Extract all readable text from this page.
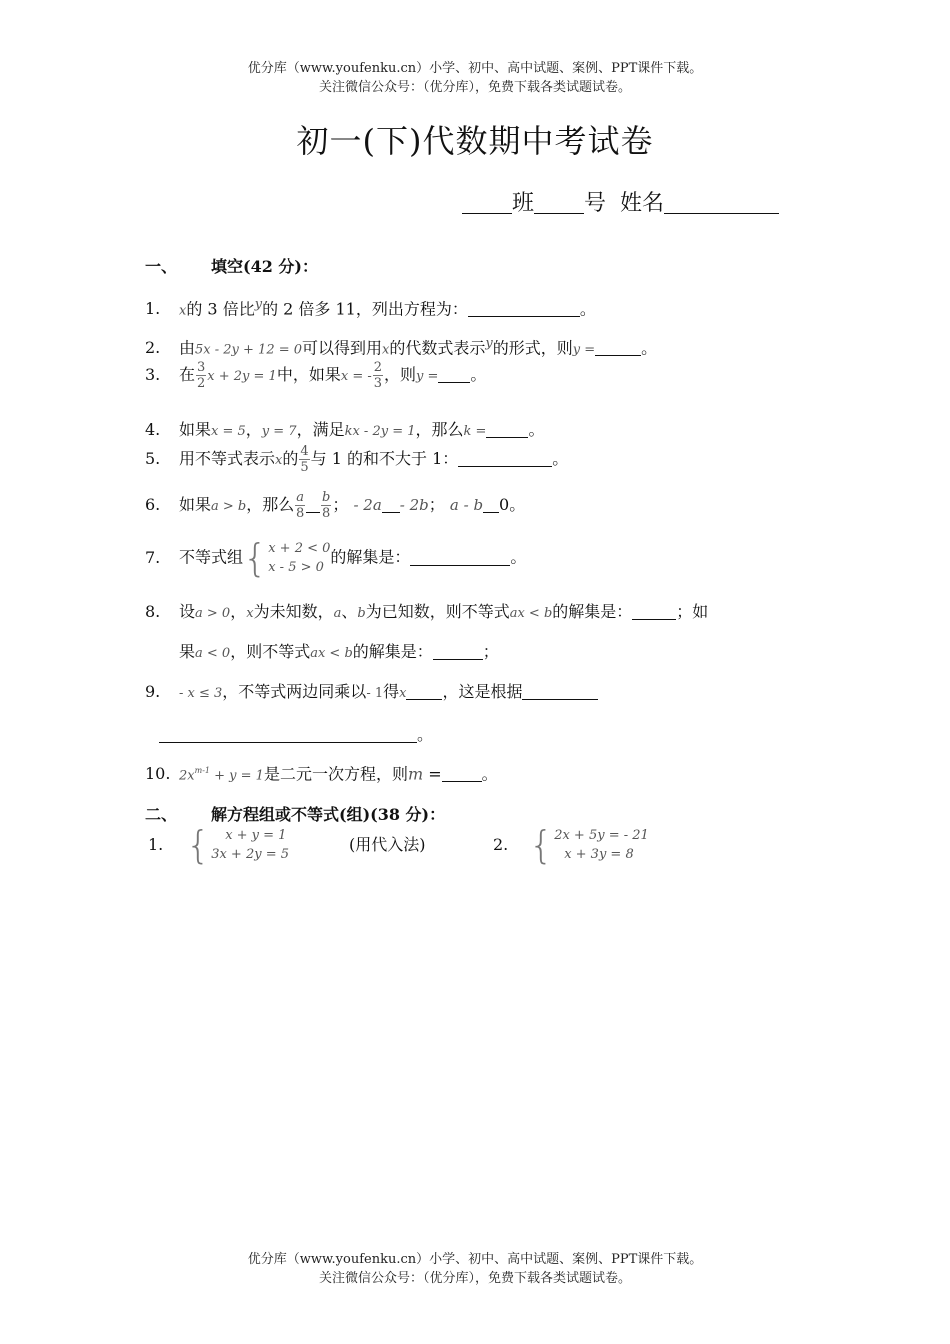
优分库（www.youfenku.cn）小学、初中、高中试题、案例、PPT课件下载。
关注微信公众号：（优分库），免费下载各类试题试卷。
初一(下)代数期中考试卷
班 号 姓名
一、 填空(42 分)：
1. x的 3 倍比$^y$的 2 倍多 11，列出方程为：	。
2. 由5x - 2y + 12 = 0可以得到用x的代数式表示$^y$的形式，则y =	。
3. 在 $\frac{3}{2}$ x + 2y = 1中，如果x = - $\frac{2}{3}$ ，则y = 。
4. 如果x = 5，y = 7，满足kx - 2y = 1，那么k =	。
5. 用不等式表示x的 $\frac{4}{5}$ 与 1 的和不大于 1：	。
6. 如果a > b，那么 $\frac{a}{8} \frac{b}{8}$ ； - 2a - 2b； a - b 0。
7. 不等式组 { x + 2 < 0
x - 5 > 0
的解集是：	。
8. 设a > 0，x为未知数，a、b为已知数，则不等式ax < b的解集是：	；如
果a < 0，则不等式ax < b的解集是：	；
9. - x ≤ 3，不等式两边同乘以- 1得x ，这是根据
。
10. $2x^{m-1} + y = 1$是二元一次方程，则m =	。
二、 解方程组或不等式(组)(38 分)：
1. {	x + y = 1
3x + 2y = 5
(用代入法)	2. { 2x + 5y = - 21
x + 3y = 8
优分库（www.youfenku.cn）小学、初中、高中试题、案例、PPT课件下载。
关注微信公众号：（优分库），免费下载各类试题试卷。
